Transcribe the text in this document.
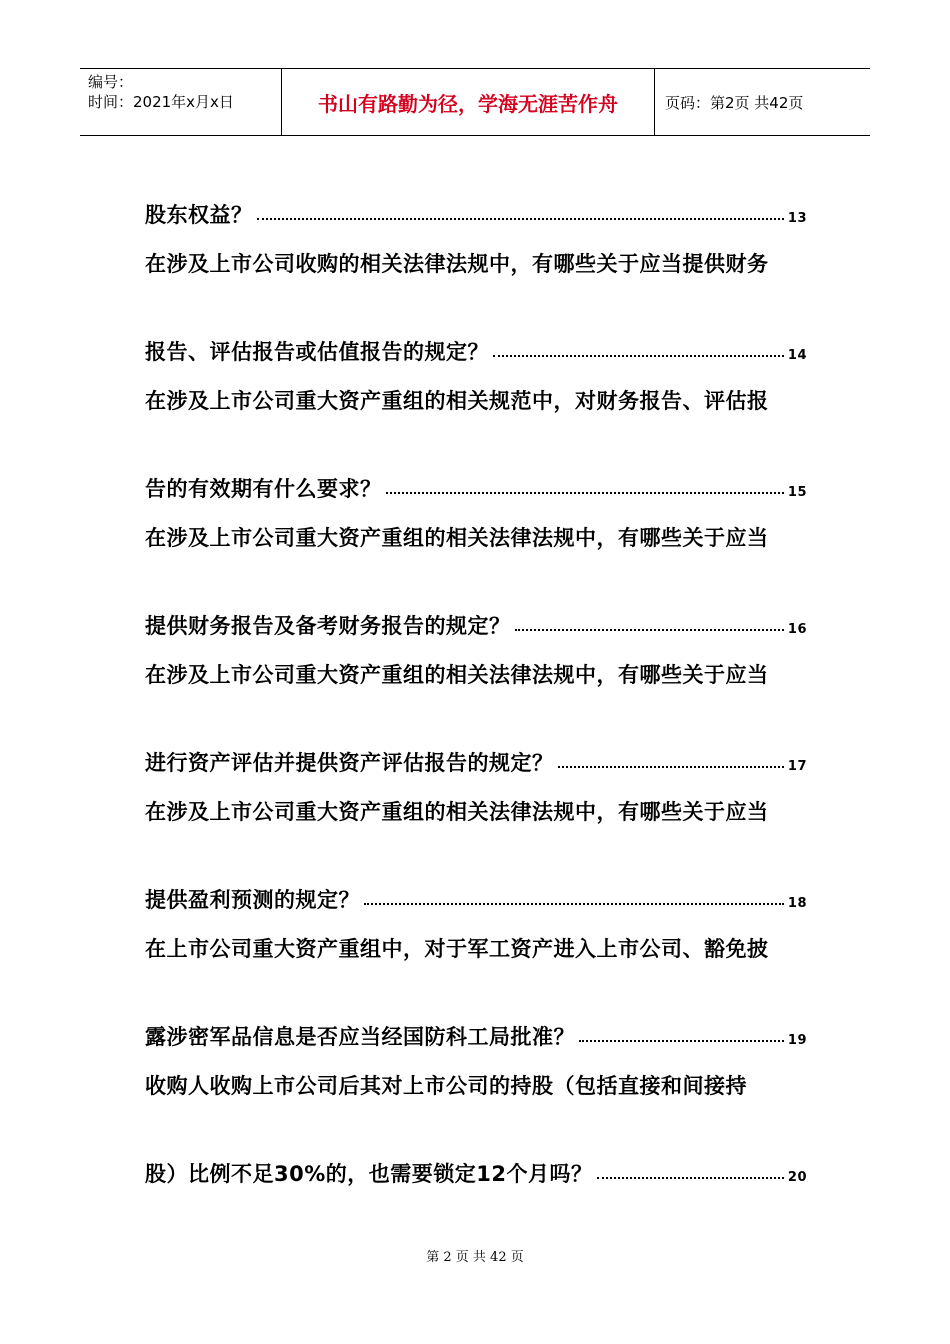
编号：
时间：2021年x月x日	书山有路勤为径，学海无涯苦作舟	页码：第2页 共42页
股东权益？	13
在涉及上市公司收购的相关法律法规中，有哪些关于应当提供财务
报告、评估报告或估值报告的规定？	14
在涉及上市公司重大资产重组的相关规范中，对财务报告、评估报
告的有效期有什么要求？	15
在涉及上市公司重大资产重组的相关法律法规中，有哪些关于应当
提供财务报告及备考财务报告的规定？	16
在涉及上市公司重大资产重组的相关法律法规中，有哪些关于应当
进行资产评估并提供资产评估报告的规定？	17
在涉及上市公司重大资产重组的相关法律法规中，有哪些关于应当
提供盈利预测的规定？	18
在上市公司重大资产重组中，对于军工资产进入上市公司、豁免披
露涉密军品信息是否应当经国防科工局批准？	19
收购人收购上市公司后其对上市公司的持股（包括直接和间接持
股）比例不足30%的，也需要锁定12个月吗？	20
第 2 页 共 42 页
